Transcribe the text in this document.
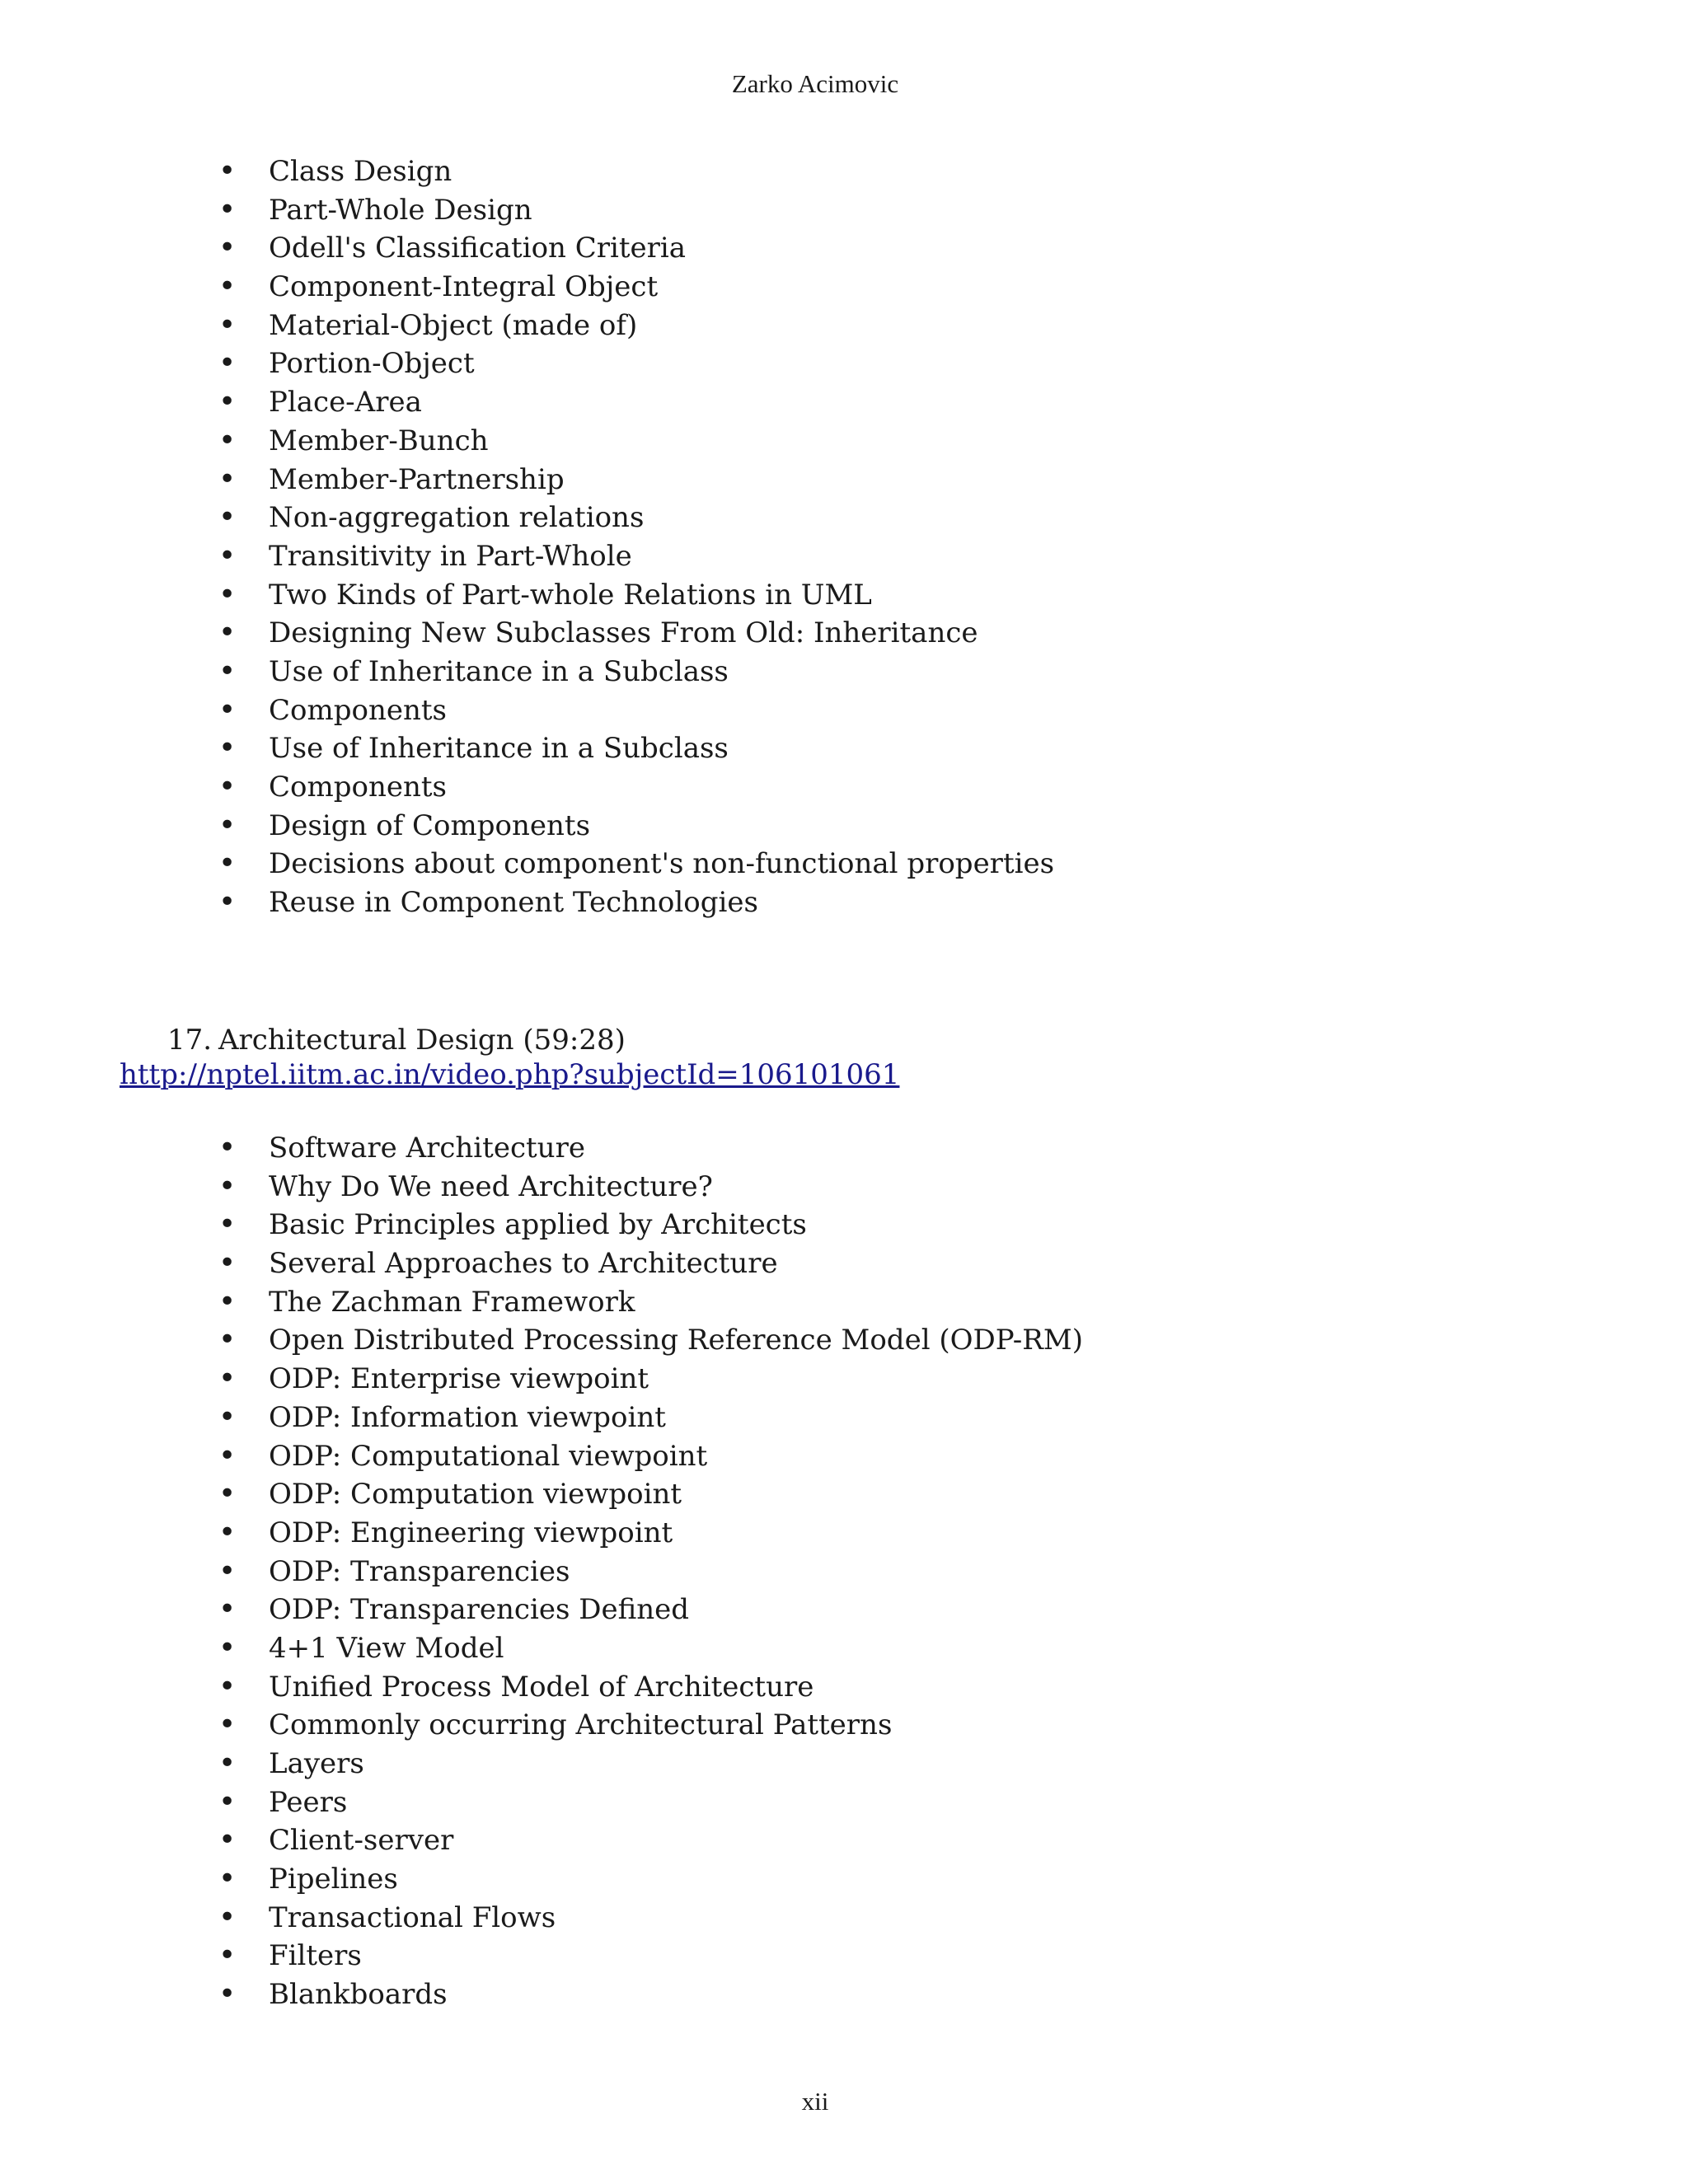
Zarko Acimovic
• Class Design
• Part-Whole Design
• Odell's Classification Criteria
• Component-Integral Object
• Material-Object (made of)
• Portion-Object
• Place-Area
• Member-Bunch
• Member-Partnership
• Non-aggregation relations
• Transitivity in Part-Whole
• Two Kinds of Part-whole Relations in UML
• Designing New Subclasses From Old: Inheritance
• Use of Inheritance in a Subclass
• Components
• Use of Inheritance in a Subclass
• Components
• Design of Components
• Decisions about component's non-functional properties
• Reuse in Component Technologies
17. Architectural Design (59:28)
http://nptel.iitm.ac.in/video.php?subjectId=106101061
• Software Architecture
• Why Do We need Architecture?
• Basic Principles applied by Architects
• Several Approaches to Architecture
• The Zachman Framework
• Open Distributed Processing Reference Model (ODP-RM)
• ODP: Enterprise viewpoint
• ODP: Information viewpoint
• ODP: Computational viewpoint
• ODP: Computation viewpoint
• ODP: Engineering viewpoint
• ODP: Transparencies
• ODP: Transparencies Defined
• 4+1 View Model
• Unified Process Model of Architecture
• Commonly occurring Architectural Patterns
• Layers
• Peers
• Client-server
• Pipelines
• Transactional Flows
• Filters
• Blankboards
xii
